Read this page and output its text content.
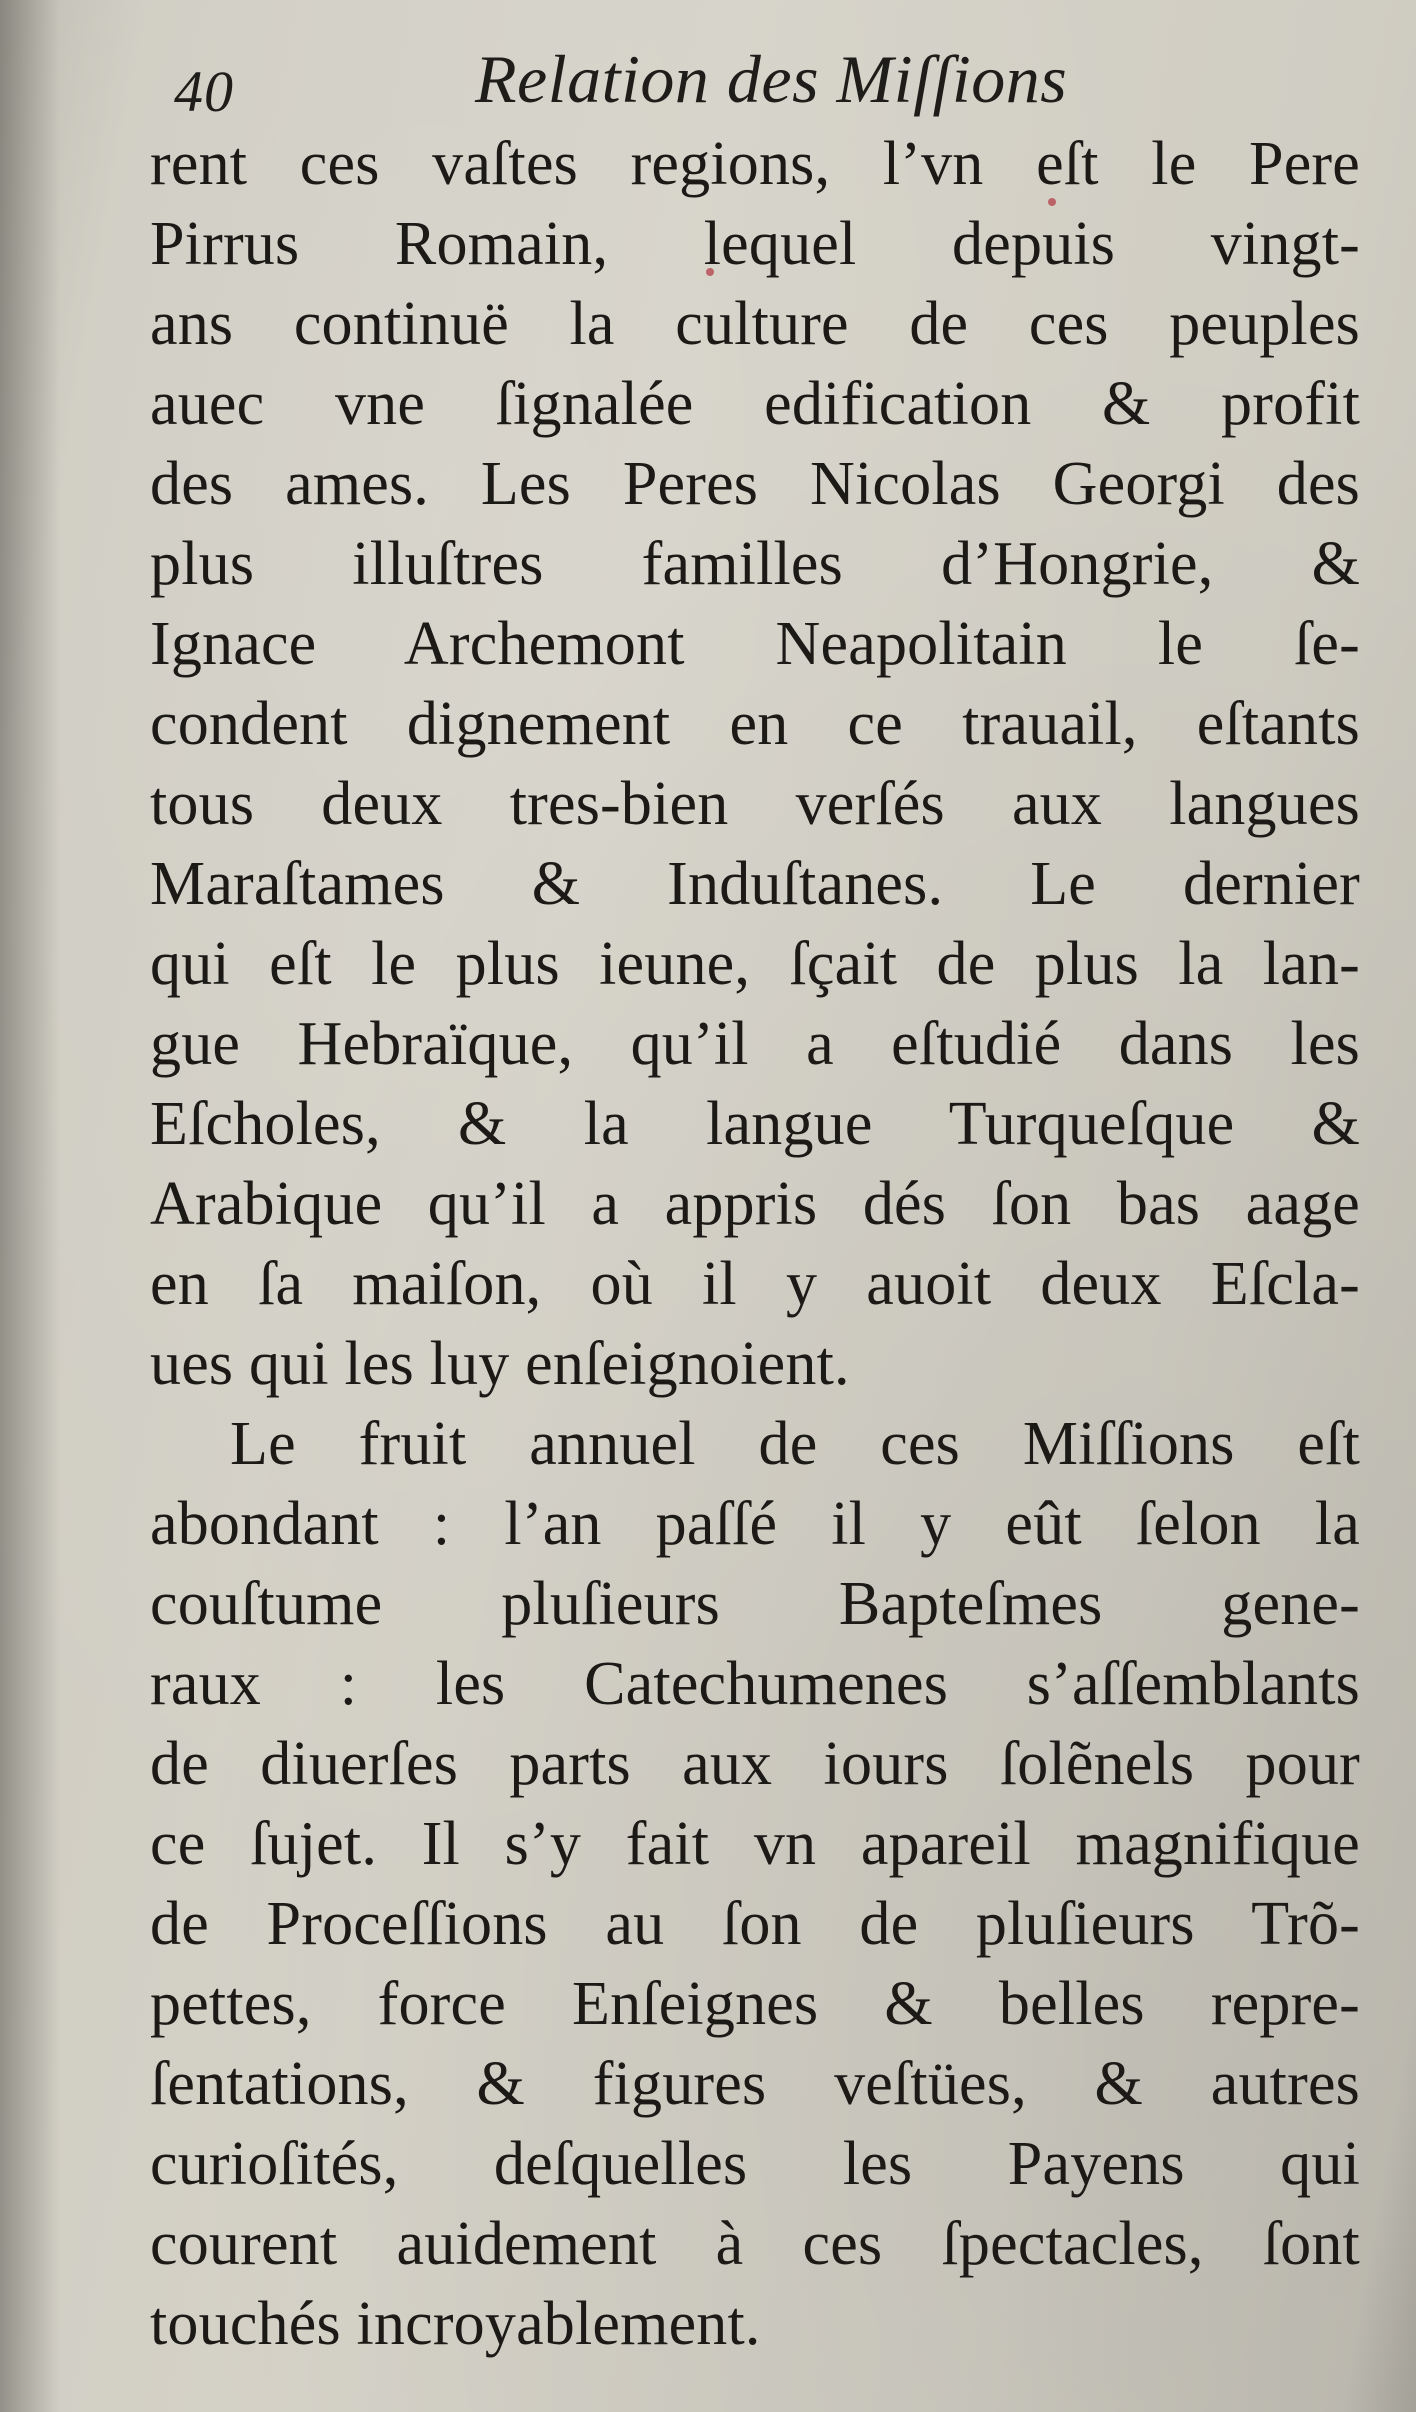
40	Relation des Miſſions
rent ces vaſtes regions, l’vn eſt le Pere
Pirrus Romain, lequel depuis vingt-
ans continuë la culture de ces peuples
auec vne ſignalée edification & profit
des ames. Les Peres Nicolas Georgi des
plus illuſtres familles d’Hongrie, &
Ignace Archemont Neapolitain le ſe-
condent dignement en ce trauail, eſtants
tous deux tres-bien verſés aux langues
Maraſtames & Induſtanes. Le dernier
qui eſt le plus ieune, ſçait de plus la lan-
gue Hebraïque, qu’il a eſtudié dans les
Eſcholes, & la langue Turqueſque &
Arabique qu’il a appris dés ſon bas aage
en ſa maiſon, où il y auoit deux Eſcla-
ues qui les luy enſeignoient.
Le fruit annuel de ces Miſſions eſt
abondant : l’an paſſé il y eût ſelon la
couſtume pluſieurs Bapteſmes gene-
raux : les Catechumenes s’aſſemblants
de diuerſes parts aux iours ſolẽnels pour
ce ſujet. Il s’y fait vn apareil magnifique
de Proceſſions au ſon de pluſieurs Trõ-
pettes, force Enſeignes & belles repre-
ſentations, & figures veſtües, & autres
curioſités, deſquelles les Payens qui
courent auidement à ces ſpectacles, ſont
touchés incroyablement.
